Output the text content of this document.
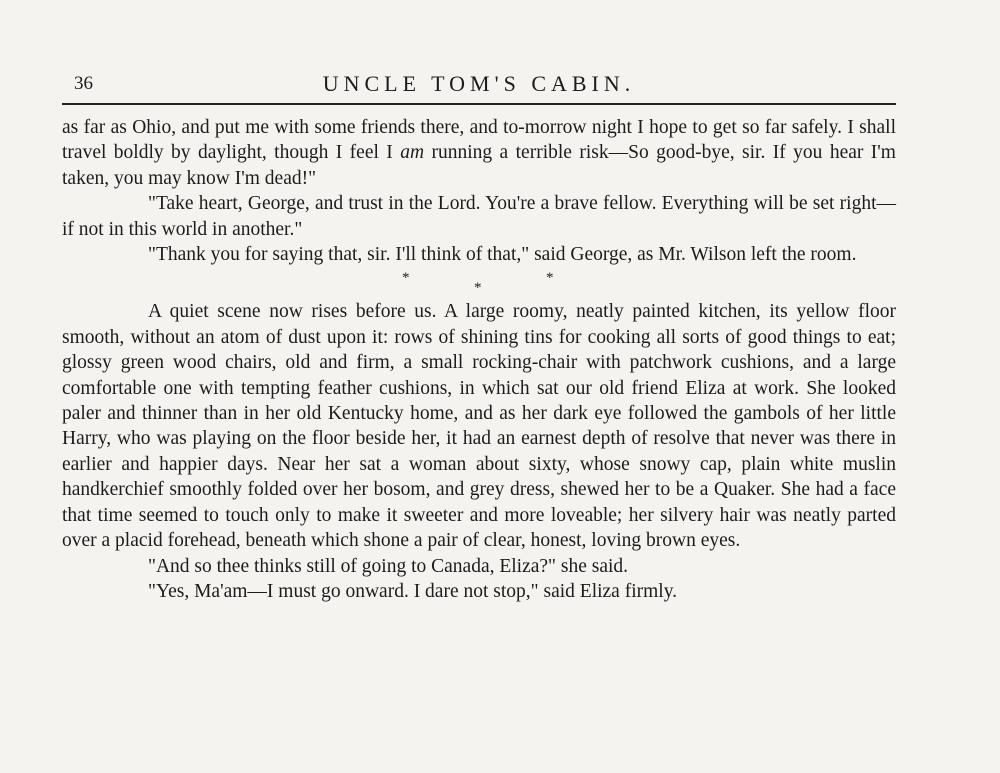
36	UNCLE TOM'S CABIN.

as far as Ohio, and put me with some friends there, and to-morrow night I hope to get so far safely. I shall travel boldly by daylight, though I feel I am running a terrible risk—So good-bye, sir. If you hear I'm taken, you may know I'm dead!"

"Take heart, George, and trust in the Lord. You're a brave fellow. Everything will be set right—if not in this world in another."

"Thank you for saying that, sir. I'll think of that," said George, as Mr. Wilson left the room.

*
*
*

A quiet scene now rises before us. A large roomy, neatly painted kitchen, its yellow floor smooth, without an atom of dust upon it: rows of shining tins for cooking all sorts of good things to eat; glossy green wood chairs, old and firm, a small rocking-chair with patchwork cushions, and a large comfortable one with tempting feather cushions, in which sat our old friend Eliza at work. She looked paler and thinner than in her old Kentucky home, and as her dark eye followed the gambols of her little Harry, who was playing on the floor beside her, it had an earnest depth of resolve that never was there in earlier and happier days. Near her sat a woman about sixty, whose snowy cap, plain white muslin handkerchief smoothly folded over her bosom, and grey dress, shewed her to be a Quaker. She had a face that time seemed to touch only to make it sweeter and more loveable; her silvery hair was neatly parted over a placid forehead, beneath which shone a pair of clear, honest, loving brown eyes.

"And so thee thinks still of going to Canada, Eliza?" she said.

"Yes, Ma'am—I must go onward. I dare not stop," said Eliza firmly.
